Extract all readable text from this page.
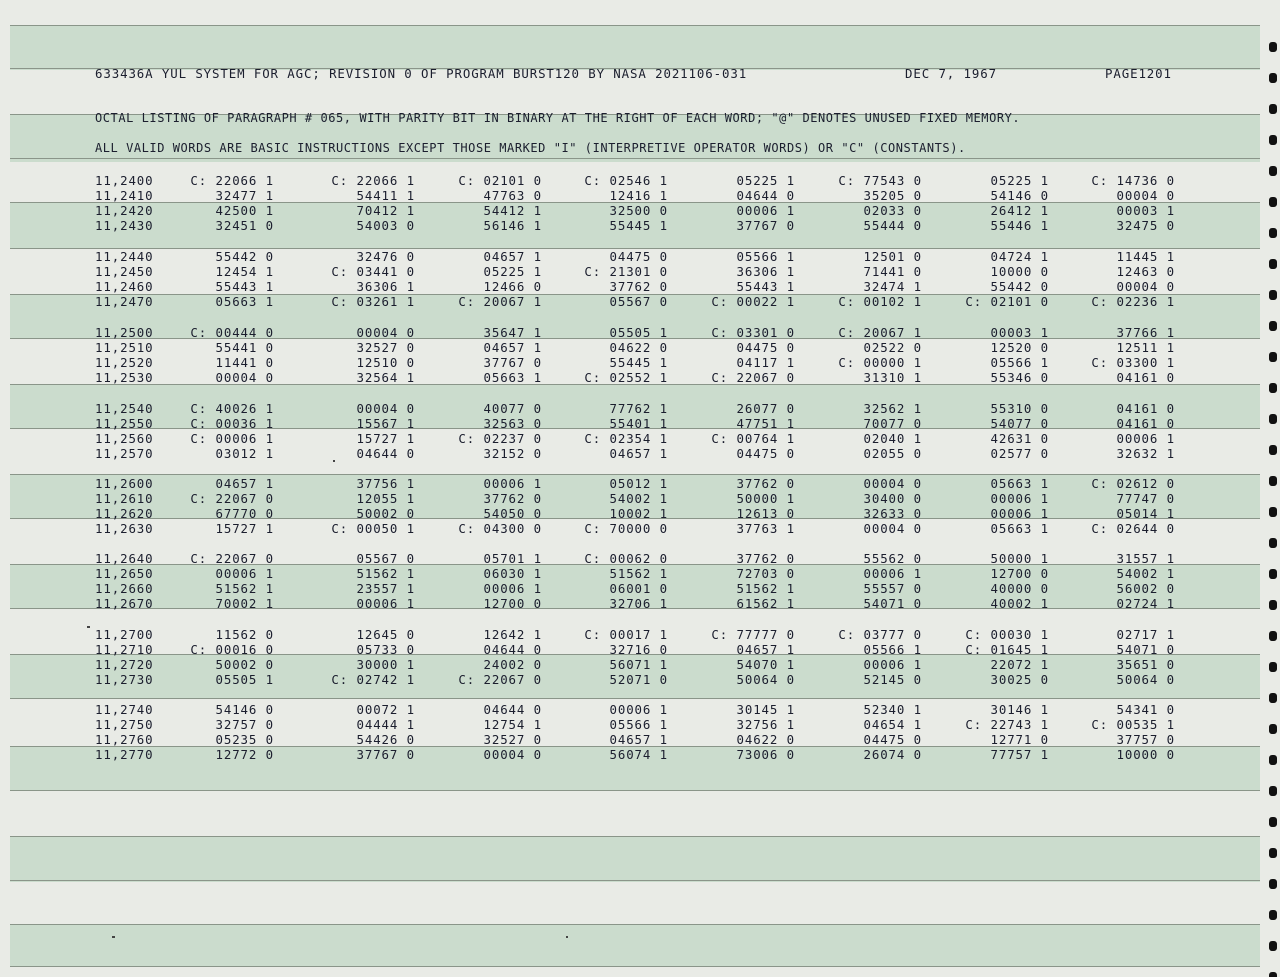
633436A YUL SYSTEM FOR AGC; REVISION 0 OF PROGRAM BURST120 BY NASA 2021106-031	DEC 7, 1967	PAGE1201
OCTAL LISTING OF PARAGRAPH # 065, WITH PARITY BIT IN BINARY AT THE RIGHT OF EACH WORD; "@" DENOTES UNUSED FIXED MEMORY.
ALL VALID WORDS ARE BASIC INSTRUCTIONS EXCEPT THOSE MARKED "I" (INTERPRETIVE OPERATOR WORDS) OR "C" (CONSTANTS).
11,2400	C: 22066 1	C: 22066 1	C: 02101 0	C: 02546 1	05225 1	C: 77543 0	05225 1	C: 14736 0
11,2410	32477 1	54411 1	47763 0	12416 1	04644 0	35205 0	54146 0	00004 0
11,2420	42500 1	70412 1	54412 1	32500 0	00006 1	02033 0	26412 1	00003 1
11,2430	32451 0	54003 0	56146 1	55445 1	37767 0	55444 0	55446 1	32475 0
11,2440	55442 0	32476 0	04657 1	04475 0	05566 1	12501 0	04724 1	11445 1
11,2450	12454 1	C: 03441 0	05225 1	C: 21301 0	36306 1	71441 0	10000 0	12463 0
11,2460	55443 1	36306 1	12466 0	37762 0	55443 1	32474 1	55442 0	00004 0
11,2470	05663 1	C: 03261 1	C: 20067 1	05567 0	C: 00022 1	C: 00102 1	C: 02101 0	C: 02236 1
11,2500	C: 00444 0	00004 0	35647 1	05505 1	C: 03301 0	C: 20067 1	00003 1	37766 1
11,2510	55441 0	32527 0	04657 1	04622 0	04475 0	02522 0	12520 0	12511 1
11,2520	11441 0	12510 0	37767 0	55445 1	04117 1	C: 00000 1	05566 1	C: 03300 1
11,2530	00004 0	32564 1	05663 1	C: 02552 1	C: 22067 0	31310 1	55346 0	04161 0
11,2540	C: 40026 1	00004 0	40077 0	77762 1	26077 0	32562 1	55310 0	04161 0
11,2550	C: 00036 1	15567 1	32563 0	55401 1	47751 1	70077 0	54077 0	04161 0
11,2560	C: 00006 1	15727 1	C: 02237 0	C: 02354 1	C: 00764 1	02040 1	42631 0	00006 1
11,2570	03012 1	04644 0	32152 0	04657 1	04475 0	02055 0	02577 0	32632 1
11,2600	04657 1	37756 1	00006 1	05012 1	37762 0	00004 0	05663 1	C: 02612 0
11,2610	C: 22067 0	12055 1	37762 0	54002 1	50000 1	30400 0	00006 1	77747 0
11,2620	67770 0	50002 0	54050 0	10002 1	12613 0	32633 0	00006 1	05014 1
11,2630	15727 1	C: 00050 1	C: 04300 0	C: 70000 0	37763 1	00004 0	05663 1	C: 02644 0
11,2640	C: 22067 0	05567 0	05701 1	C: 00062 0	37762 0	55562 0	50000 1	31557 1
11,2650	00006 1	51562 1	06030 1	51562 1	72703 0	00006 1	12700 0	54002 1
11,2660	51562 1	23557 1	00006 1	06001 0	51562 1	55557 0	40000 0	56002 0
11,2670	70002 1	00006 1	12700 0	32706 1	61562 1	54071 0	40002 1	02724 1
11,2700	11562 0	12645 0	12642 1	C: 00017 1	C: 77777 0	C: 03777 0	C: 00030 1	02717 1
11,2710	C: 00016 0	05733 0	04644 0	32716 0	04657 1	05566 1	C: 01645 1	54071 0
11,2720	50002 0	30000 1	24002 0	56071 1	54070 1	00006 1	22072 1	35651 0
11,2730	05505 1	C: 02742 1	C: 22067 0	52071 0	50064 0	52145 0	30025 0	50064 0
11,2740	54146 0	00072 1	04644 0	00006 1	30145 1	52340 1	30146 1	54341 0
11,2750	32757 0	04444 1	12754 1	05566 1	32756 1	04654 1	C: 22743 1	C: 00535 1
11,2760	05235 0	54426 0	32527 0	04657 1	04622 0	04475 0	12771 0	37757 0
11,2770	12772 0	37767 0	00004 0	56074 1	73006 0	26074 0	77757 1	10000 0
